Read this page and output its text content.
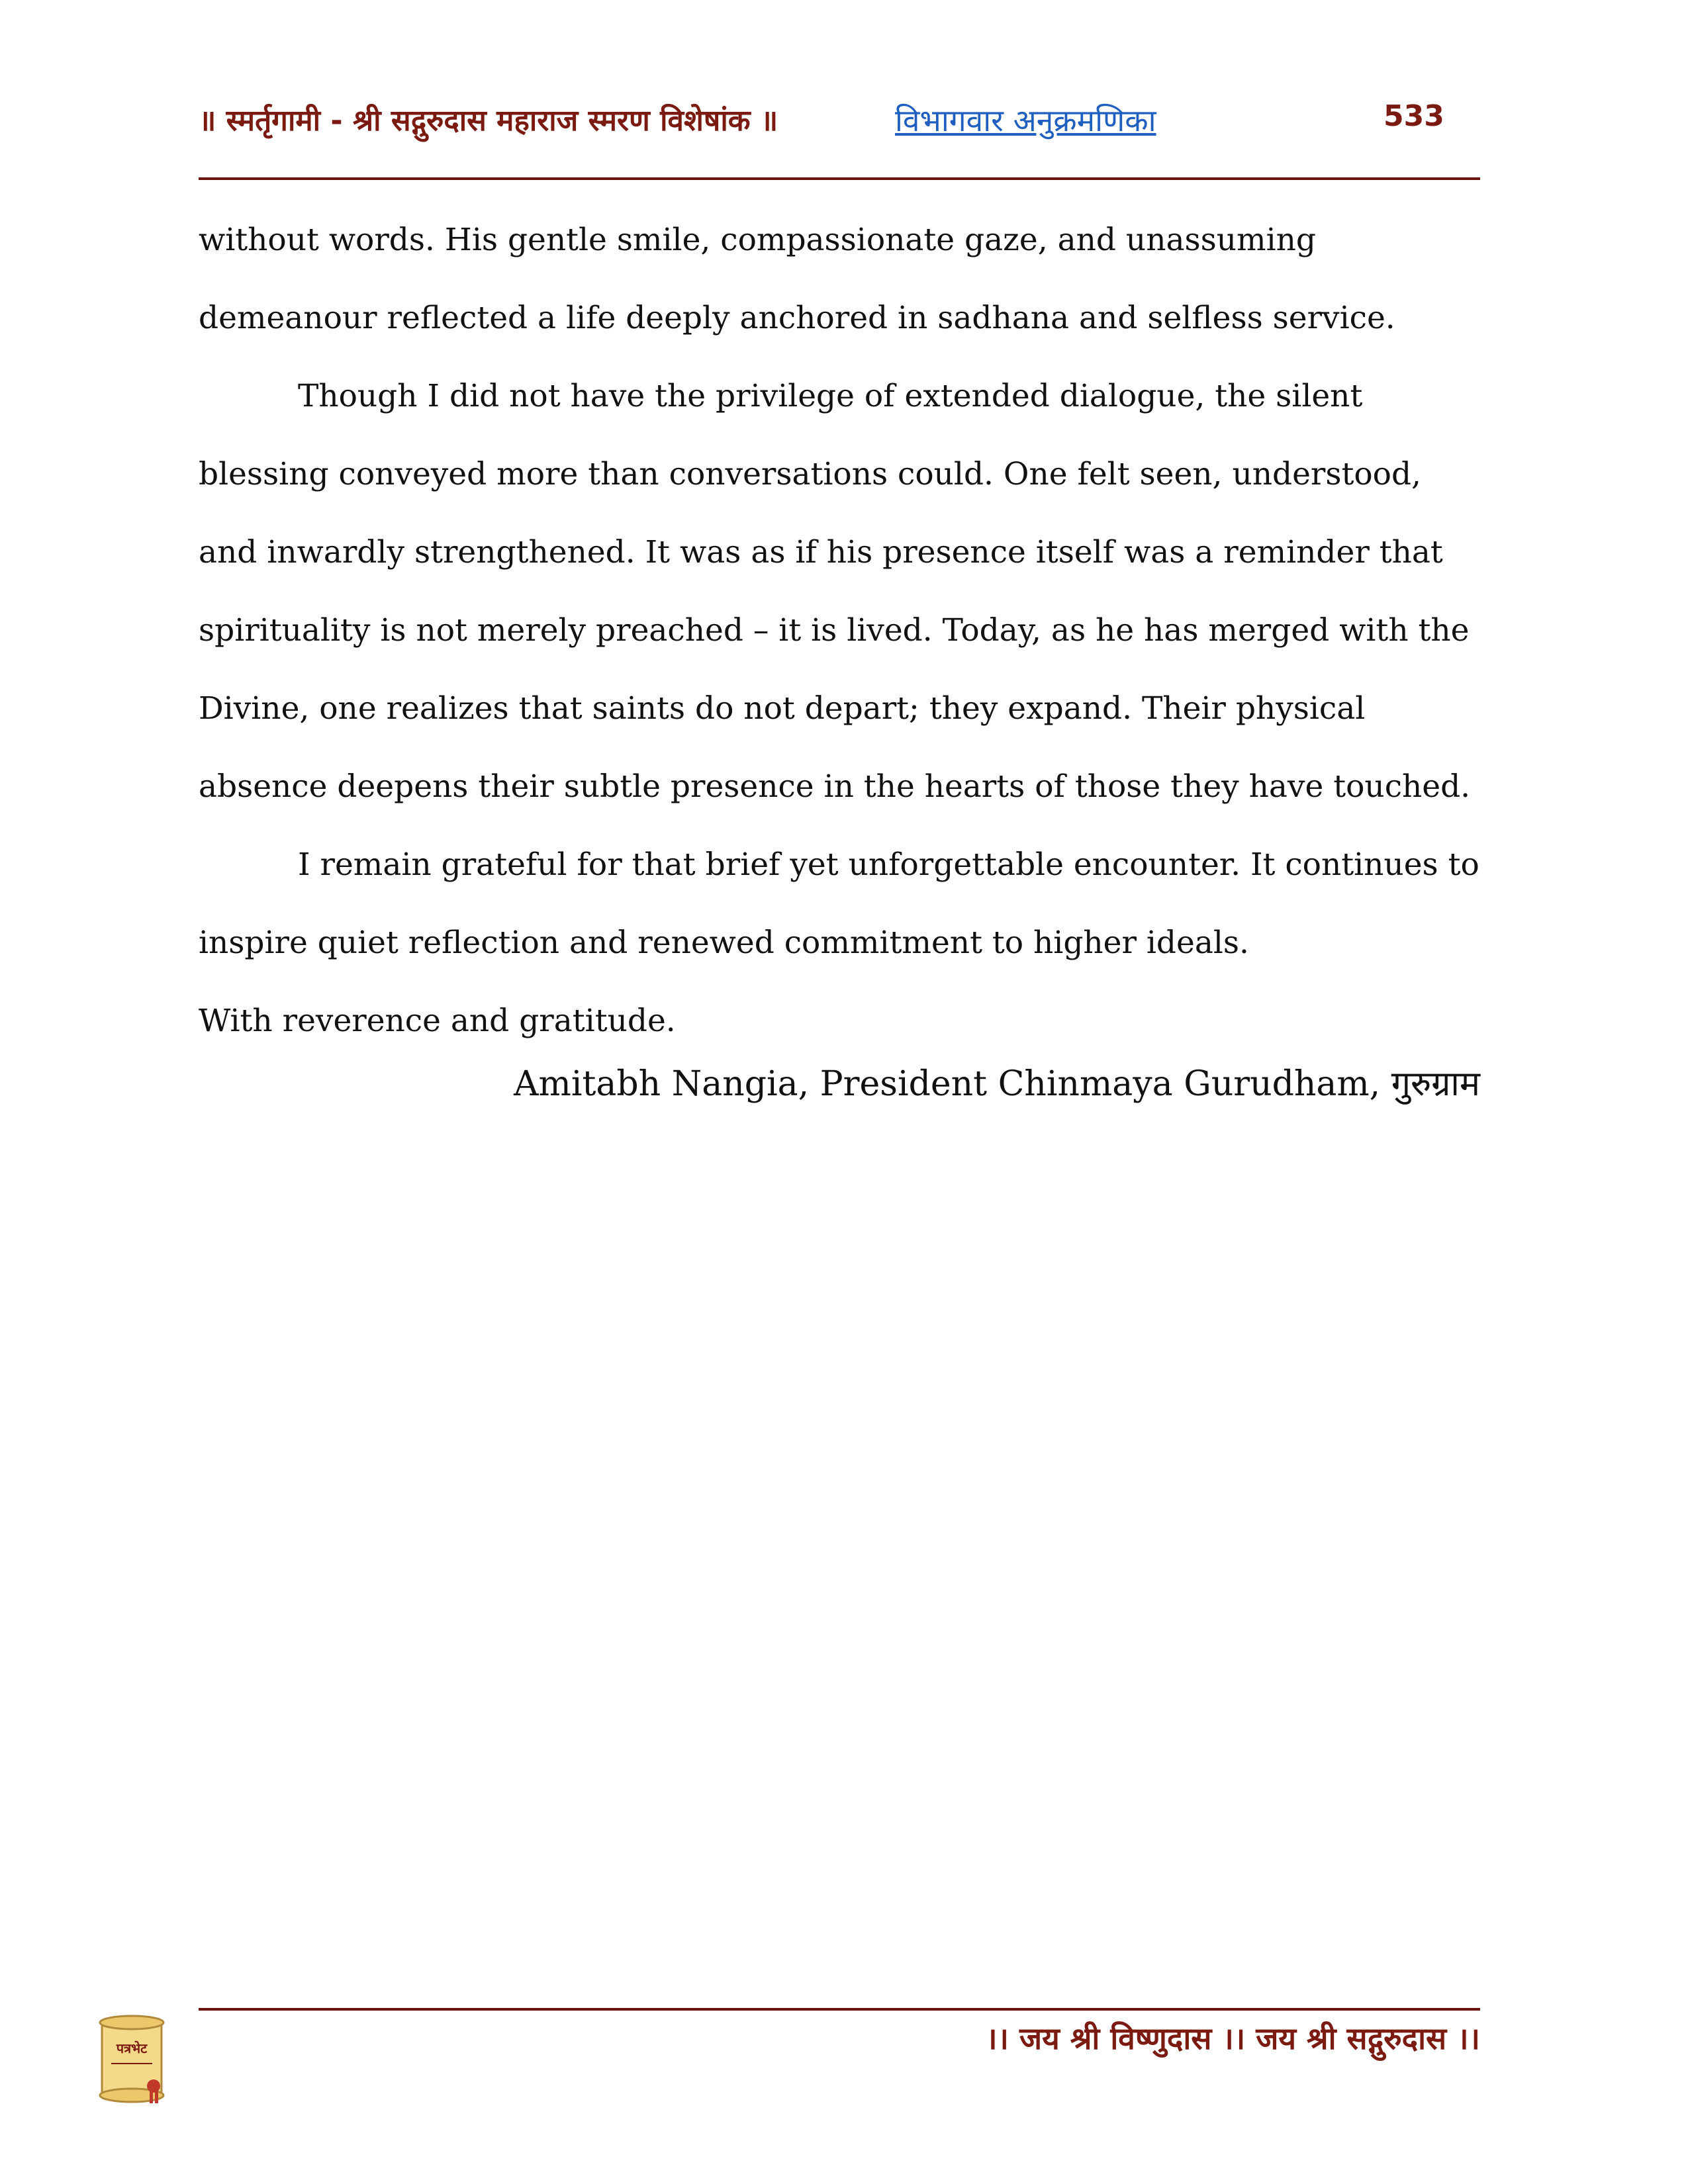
॥ स्मर्तृगामी - श्री सद्गुरुदास महाराज स्मरण विशेषांक ॥	विभागवार अनुक्रमणिका	533

without words. His gentle smile, compassionate gaze, and unassuming demeanour reflected a life deeply anchored in sadhana and selfless service.

Though I did not have the privilege of extended dialogue, the silent blessing conveyed more than conversations could. One felt seen, understood, and inwardly strengthened. It was as if his presence itself was a reminder that spirituality is not merely preached – it is lived. Today, as he has merged with the Divine, one realizes that saints do not depart; they expand. Their physical absence deepens their subtle presence in the hearts of those they have touched.

I remain grateful for that brief yet unforgettable encounter. It continues to inspire quiet reflection and renewed commitment to higher ideals.

With reverence and gratitude.

Amitabh Nangia, President Chinmaya Gurudham, गुरुग्राम
पत्रभेट	।। जय श्री विष्णुदास ।। जय श्री सद्गुरुदास ।।
